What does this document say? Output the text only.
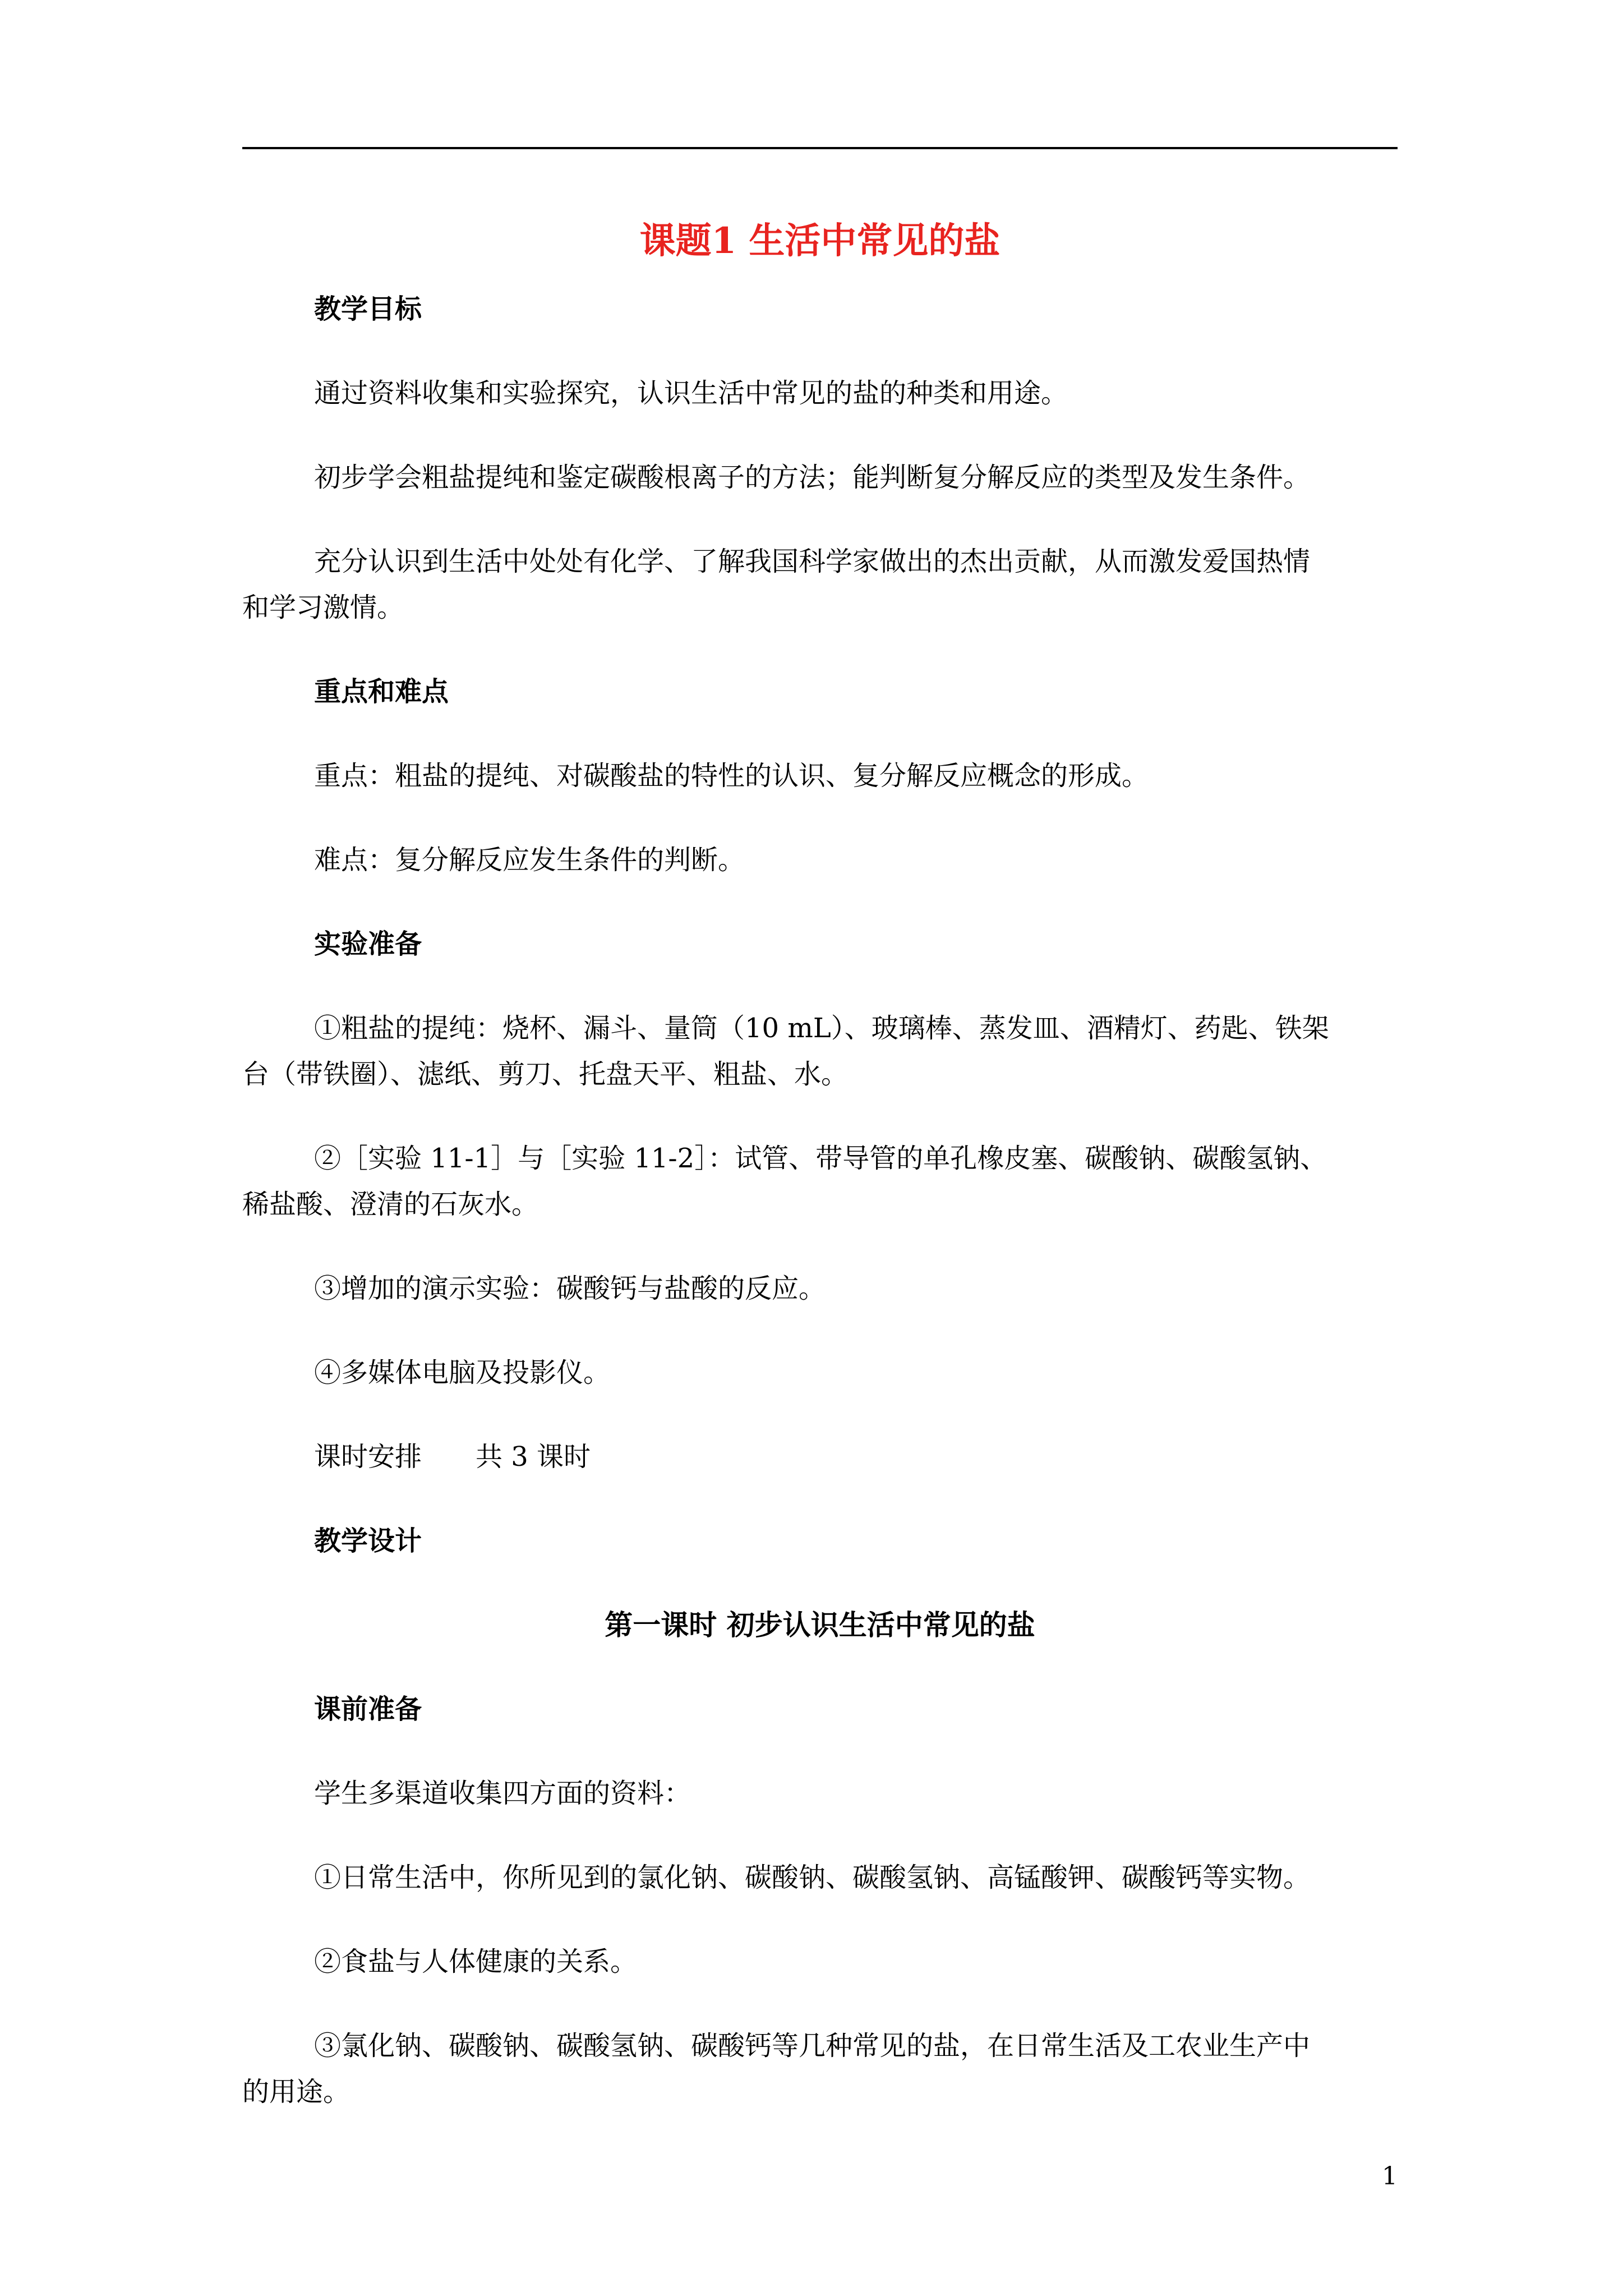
课题1 生活中常见的盐
教学目标
通过资料收集和实验探究，认识生活中常见的盐的种类和用途。
初步学会粗盐提纯和鉴定碳酸根离子的方法；能判断复分解反应的类型及发生条件。
充分认识到生活中处处有化学、了解我国科学家做出的杰出贡献，从而激发爱国热情
和学习激情。
重点和难点
重点：粗盐的提纯、对碳酸盐的特性的认识、复分解反应概念的形成。
难点：复分解反应发生条件的判断。
实验准备
①粗盐的提纯：烧杯、漏斗、量筒（10 mL）、玻璃棒、蒸发皿、酒精灯、药匙、铁架
台（带铁圈）、滤纸、剪刀、托盘天平、粗盐、水。
②［实验 11-1］与［实验 11-2］：试管、带导管的单孔橡皮塞、碳酸钠、碳酸氢钠、
稀盐酸、澄清的石灰水。
③增加的演示实验：碳酸钙与盐酸的反应。
④多媒体电脑及投影仪。
课时安排　　共 3 课时
教学设计
第一课时 初步认识生活中常见的盐
课前准备
学生多渠道收集四方面的资料：
①日常生活中，你所见到的氯化钠、碳酸钠、碳酸氢钠、高锰酸钾、碳酸钙等实物。
②食盐与人体健康的关系。
③氯化钠、碳酸钠、碳酸氢钠、碳酸钙等几种常见的盐，在日常生活及工农业生产中
的用途。
1
